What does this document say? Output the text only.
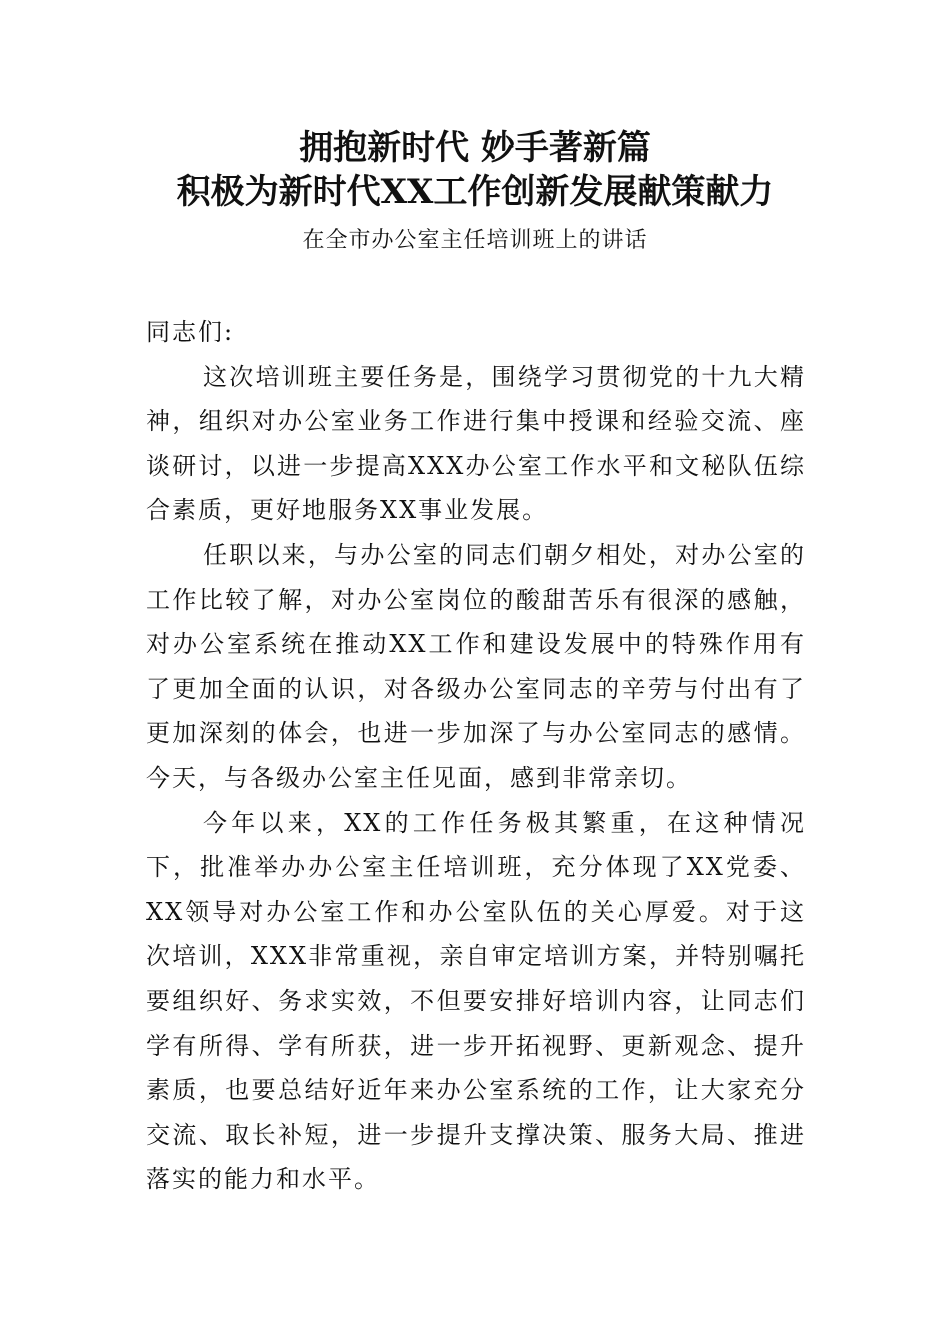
拥抱新时代 妙手著新篇
积极为新时代XX工作创新发展献策献力
在全市办公室主任培训班上的讲话

同志们:

这次培训班主要任务是，围绕学习贯彻党的十九大精神，组织对办公室业务工作进行集中授课和经验交流、座谈研讨，以进一步提高XXX办公室工作水平和文秘队伍综合素质，更好地服务XX事业发展。

任职以来，与办公室的同志们朝夕相处，对办公室的工作比较了解，对办公室岗位的酸甜苦乐有很深的感触，对办公室系统在推动XX工作和建设发展中的特殊作用有了更加全面的认识，对各级办公室同志的辛劳与付出有了更加深刻的体会，也进一步加深了与办公室同志的感情。今天，与各级办公室主任见面，感到非常亲切。

今年以来，XX的工作任务极其繁重，在这种情况下，批准举办办公室主任培训班，充分体现了XX党委、XX领导对办公室工作和办公室队伍的关心厚爱。对于这次培训，XXX非常重视，亲自审定培训方案，并特别嘱托要组织好、务求实效，不但要安排好培训内容，让同志们学有所得、学有所获，进一步开拓视野、更新观念、提升素质，也要总结好近年来办公室系统的工作，让大家充分交流、取长补短，进一步提升支撑决策、服务大局、推进落实的能力和水平。
